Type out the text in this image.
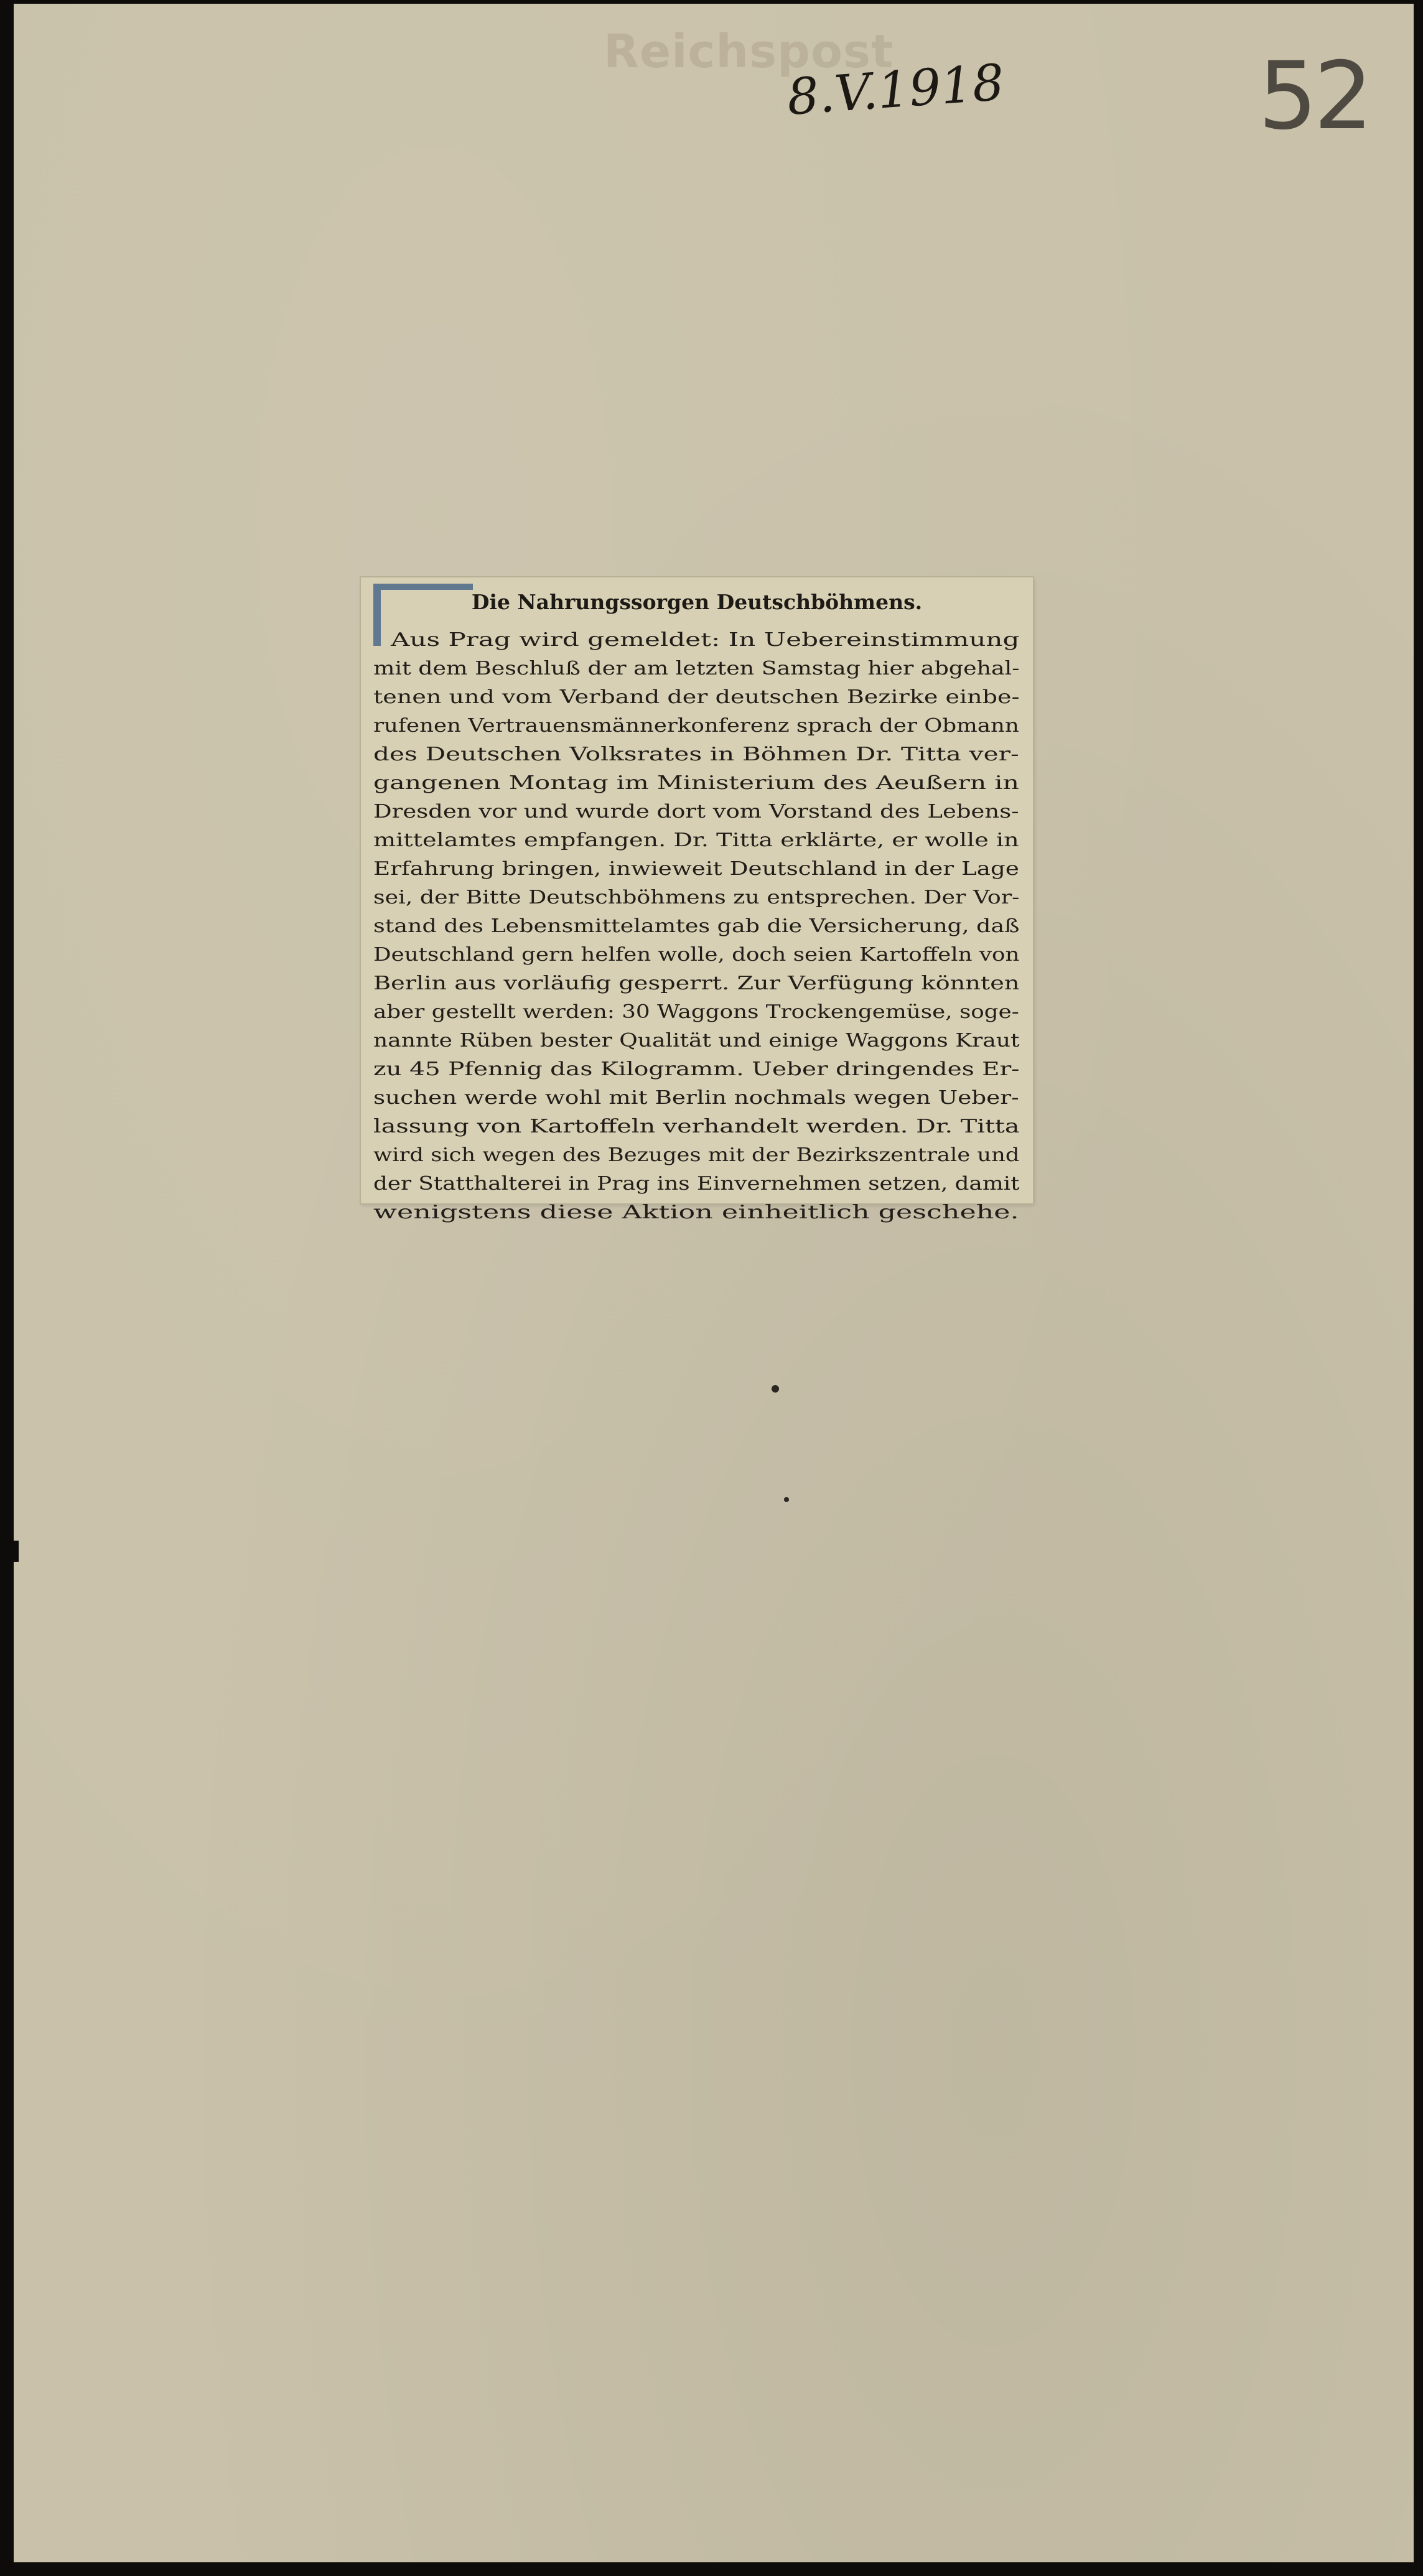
Reichspost
8.V.1918	52
Die Nahrungssorgen Deutschböhmens.
Aus Prag wird gemeldet: In Uebereinstimmung
mit dem Beschluß der am letzten Samstag hier abgehal-
tenen und vom Verband der deutschen Bezirke einbe-
rufenen Vertrauensmännerkonferenz sprach der Obmann
des Deutschen Volksrates in Böhmen Dr. Titta ver-
gangenen Montag im Ministerium des Aeußern in
Dresden vor und wurde dort vom Vorstand des Lebens-
mittelamtes empfangen. Dr. Titta erklärte, er wolle in
Erfahrung bringen, inwieweit Deutschland in der Lage
sei, der Bitte Deutschböhmens zu entsprechen. Der Vor-
stand des Lebensmittelamtes gab die Versicherung, daß
Deutschland gern helfen wolle, doch seien Kartoffeln von
Berlin aus vorläufig gesperrt. Zur Verfügung könnten
aber gestellt werden: 30 Waggons Trockengemüse, soge-
nannte Rüben bester Qualität und einige Waggons Kraut
zu 45 Pfennig das Kilogramm. Ueber dringendes Er-
suchen werde wohl mit Berlin nochmals wegen Ueber-
lassung von Kartoffeln verhandelt werden. Dr. Titta
wird sich wegen des Bezuges mit der Bezirkszentrale und
der Statthalterei in Prag ins Einvernehmen setzen, damit
wenigstens diese Aktion einheitlich geschehe.
